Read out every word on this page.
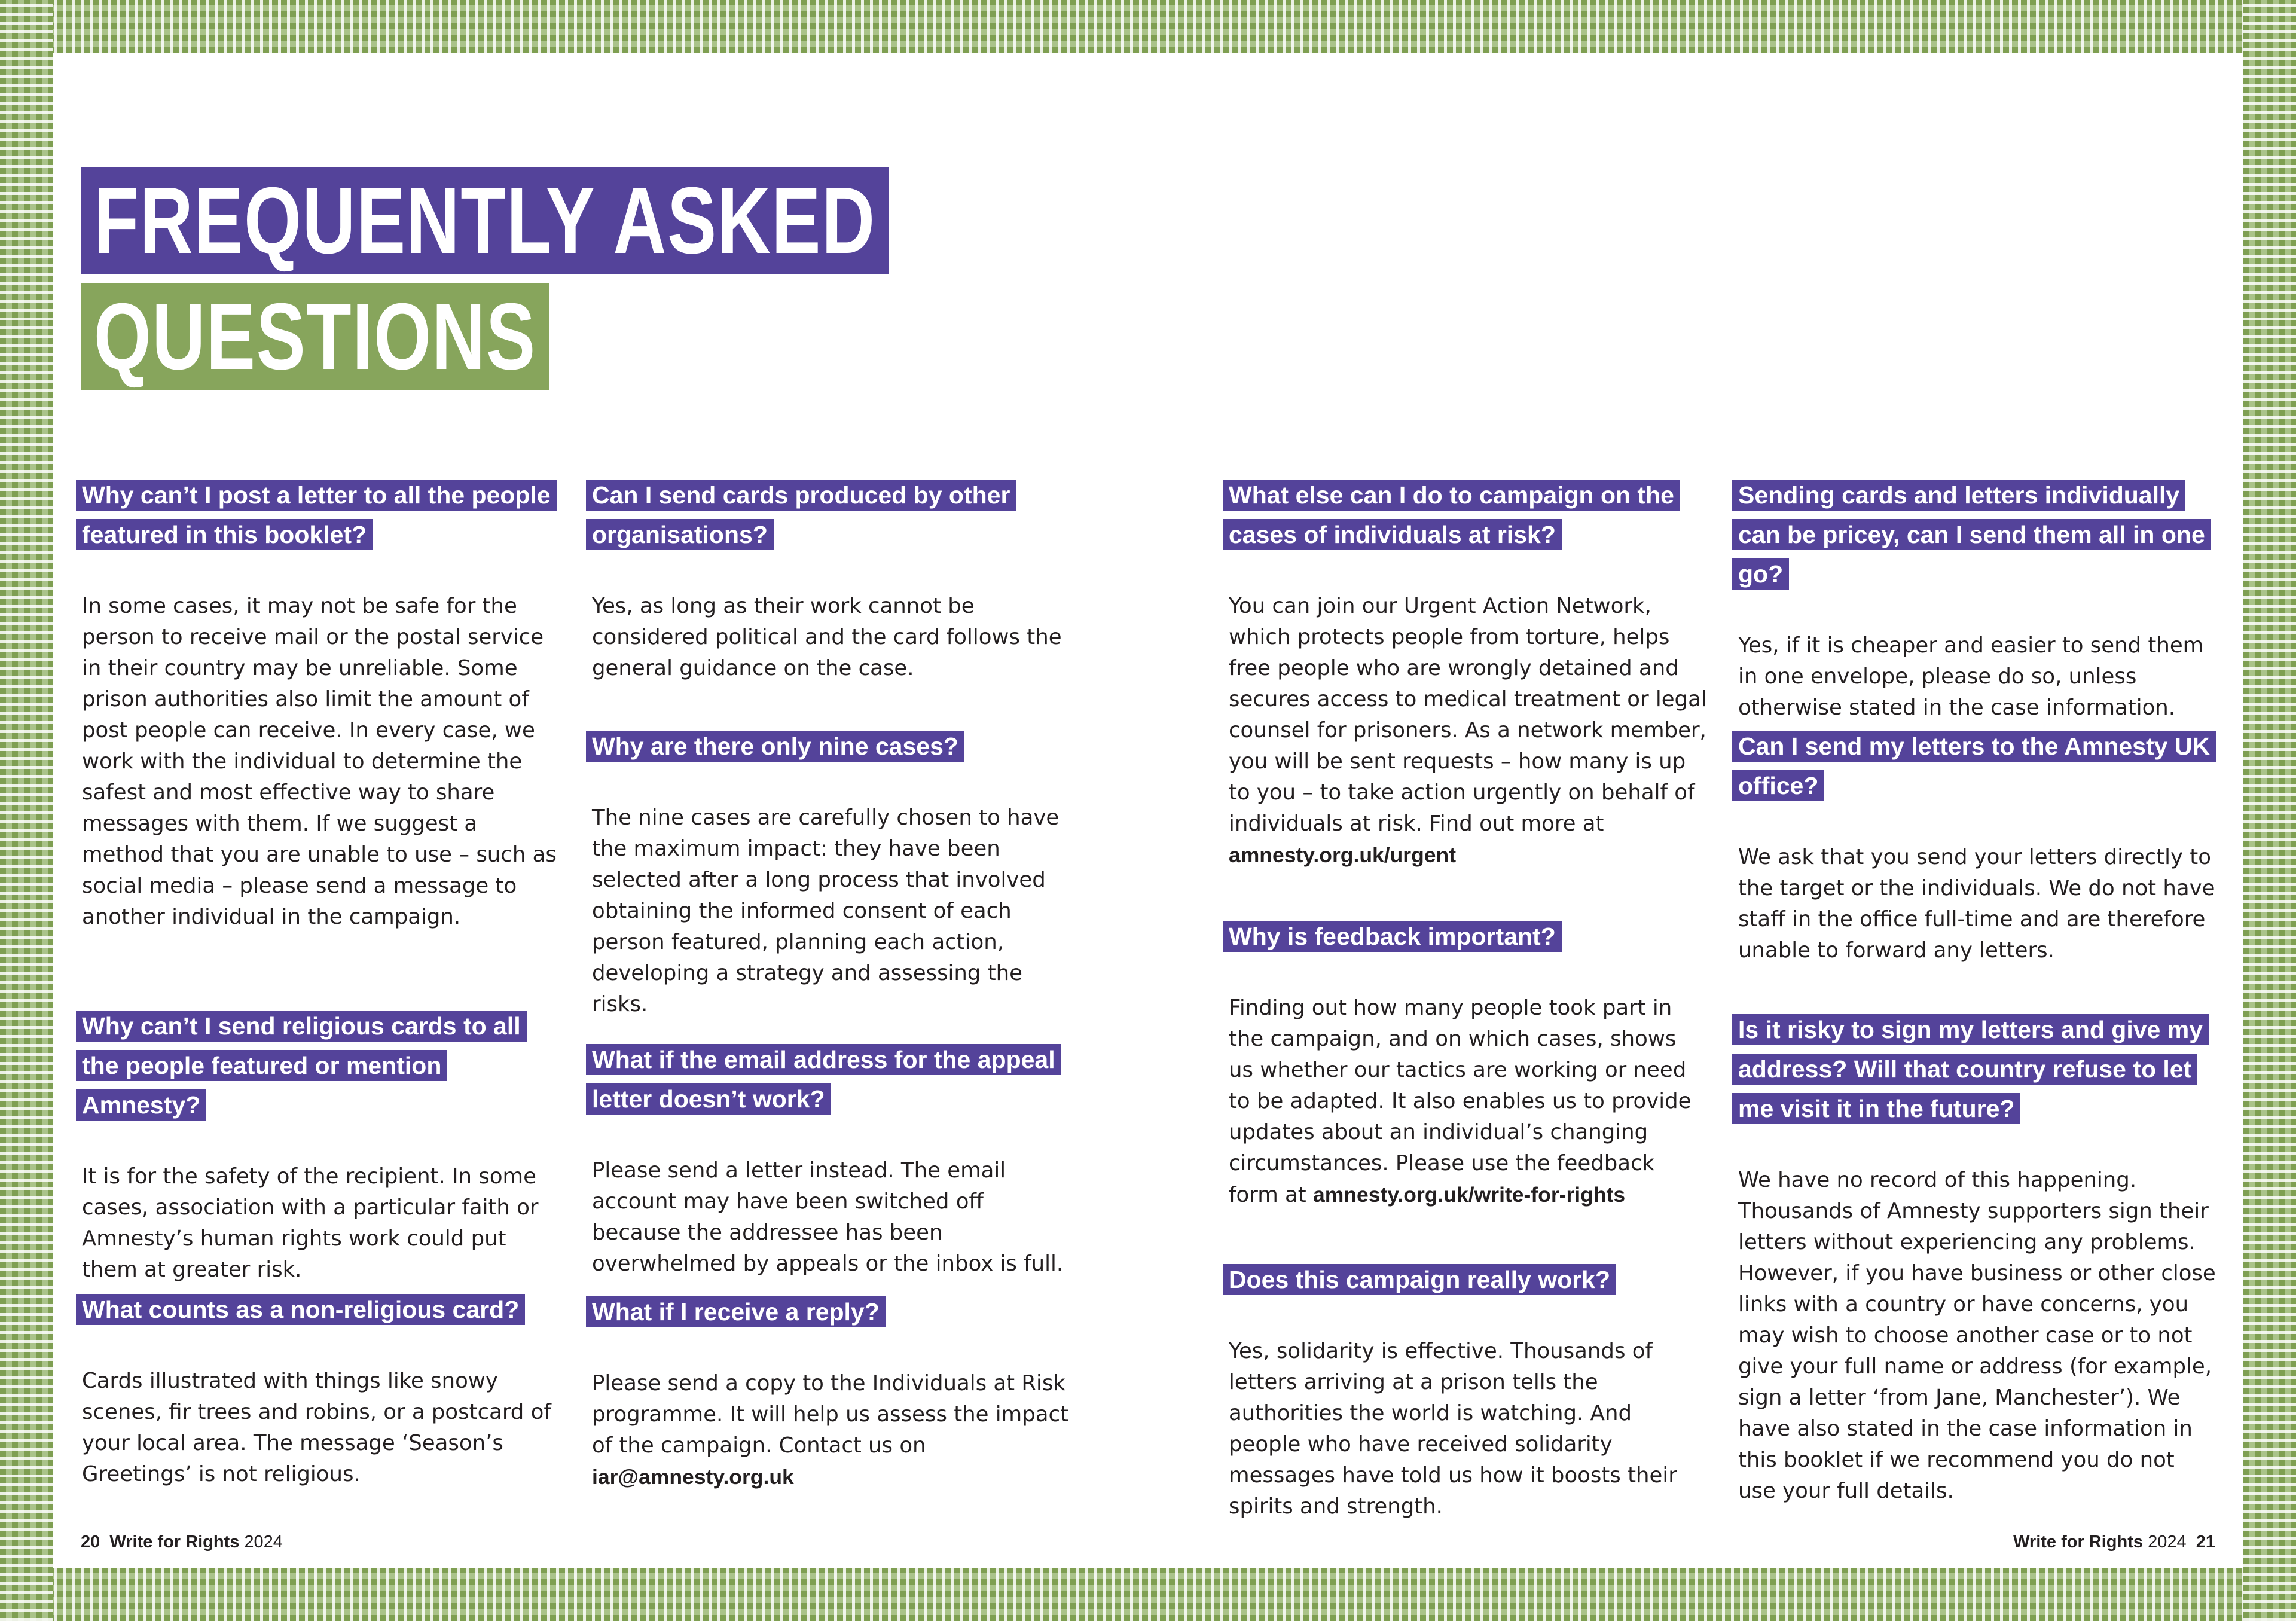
FREQUENTLY ASKED
QUESTIONS
Why can’t I post a letter to all the people featured in this booklet?

In some cases, it may not be safe for the person to receive mail or the postal service in their country may be unreliable. Some prison authorities also limit the amount of post people can receive. In every case, we work with the individual to determine the safest and most effective way to share messages with them. If we suggest a method that you are unable to use – such as social media – please send a message to another individual in the campaign.

Why can’t I send religious cards to all the people featured or mention Amnesty?

It is for the safety of the recipient. In some cases, association with a particular faith or Amnesty’s human rights work could put them at greater risk.

What counts as a non-religious card?

Cards illustrated with things like snowy scenes, fir trees and robins, or a postcard of your local area. The message ‘Season’s Greetings’ is not religious.

Can I send cards produced by other organisations?

Yes, as long as their work cannot be considered political and the card follows the general guidance on the case.

Why are there only nine cases?

The nine cases are carefully chosen to have the maximum impact: they have been selected after a long process that involved obtaining the informed consent of each person featured, planning each action, developing a strategy and assessing the risks.

What if the email address for the appeal letter doesn’t work?

Please send a letter instead. The email account may have been switched off because the addressee has been overwhelmed by appeals or the inbox is full.

What if I receive a reply?

Please send a copy to the Individuals at Risk programme. It will help us assess the impact of the campaign. Contact us on
iar@amnesty.org.uk

What else can I do to campaign on the cases of individuals at risk?

You can join our Urgent Action Network, which protects people from torture, helps free people who are wrongly detained and secures access to medical treatment or legal counsel for prisoners. As a network member, you will be sent requests – how many is up to you – to take action urgently on behalf of individuals at risk. Find out more at
amnesty.org.uk/urgent

Why is feedback important?

Finding out how many people took part in the campaign, and on which cases, shows us whether our tactics are working or need to be adapted. It also enables us to provide updates about an individual’s changing circumstances. Please use the feedback form at amnesty.org.uk/write-for-rights

Does this campaign really work?

Yes, solidarity is effective. Thousands of letters arriving at a prison tells the authorities the world is watching. And people who have received solidarity messages have told us how it boosts their spirits and strength.

Sending cards and letters individually can be pricey, can I send them all in one go?

Yes, if it is cheaper and easier to send them in one envelope, please do so, unless otherwise stated in the case information.

Can I send my letters to the Amnesty UK office?

We ask that you send your letters directly to the target or the individuals. We do not have staff in the office full-time and are therefore unable to forward any letters.

Is it risky to sign my letters and give my address? Will that country refuse to let me visit it in the future?

We have no record of this happening. Thousands of Amnesty supporters sign their letters without experiencing any problems. However, if you have business or other close links with a country or have concerns, you may wish to choose another case or to not give your full name or address (for example, sign a letter ‘from Jane, Manchester’). We have also stated in the case information in this booklet if we recommend you do not use your full details.

20 Write for Rights 2024	Write for Rights 2024 21
